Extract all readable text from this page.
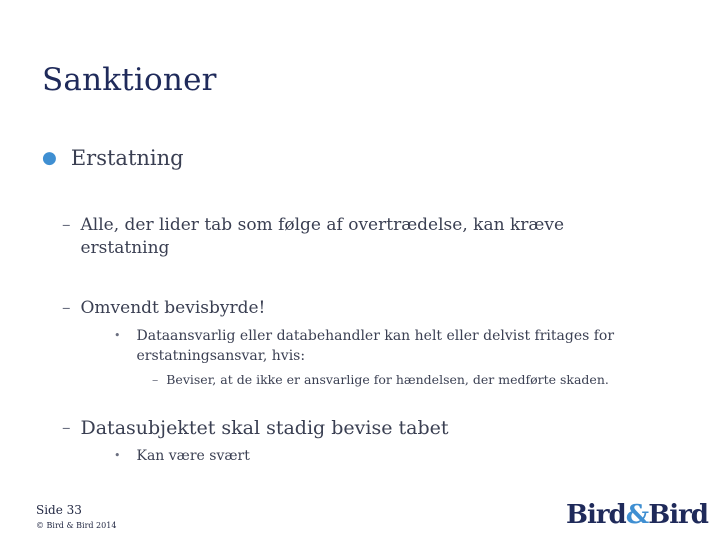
Sanktioner
● Erstatning
– Alle, der lider tab som følge af overtrædelse, kan kræve erstatning
– Omvendt bevisbyrde!
• Dataansvarlig eller databehandler kan helt eller delvist fritages for erstatningsansvar, hvis:
– Beviser, at de ikke er ansvarlige for hændelsen, der medførte skaden.
– Datasubjektet skal stadig bevise tabet
• Kan være svært
Side 33
© Bird & Bird 2014	Bird&Bird
